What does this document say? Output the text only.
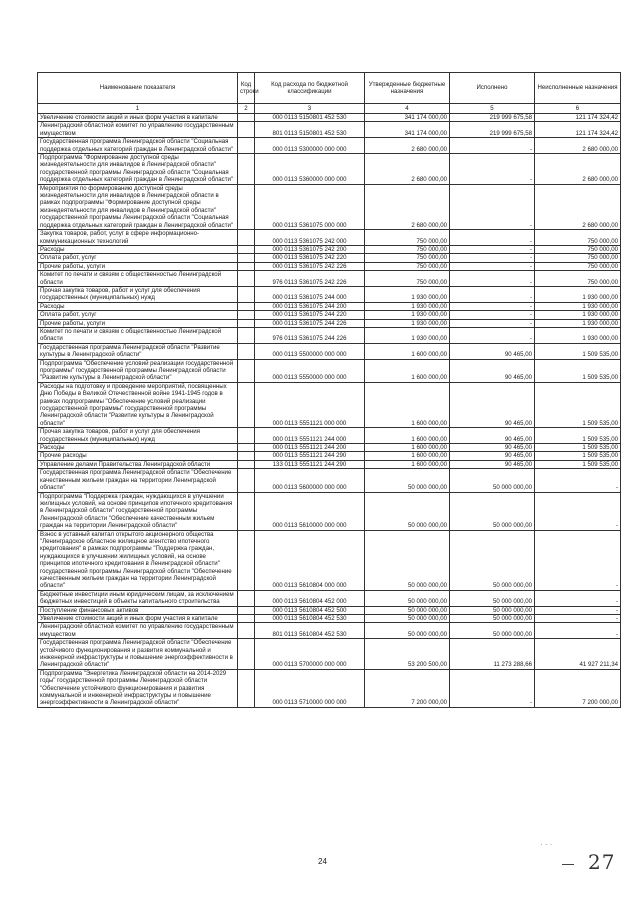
Наименование показателя	Код строки	Код расхода по бюджетной классификации	Утвержденные бюджетные назначения	Исполнено	Неисполненные назначения
1	2	3	4	5	6
Увеличение стоимости акций и иных форм участия в капитале		000 0113 5150801 452 530	341 174 000,00	219 999 675,58	121 174 324,42
Ленинградский областной комитет по управлению государственным имуществом		801 0113 5150801 452 530	341 174 000,00	219 999 675,58	121 174 324,42
Государственная программа Ленинградской области "Социальная поддержка отдельных категорий граждан в Ленинградской области"		000 0113 5300000 000 000	2 680 000,00	-	2 680 000,00
Подпрограмма "Формирование доступной среды жизнедеятельности для инвалидов в Ленинградской области" государственной программы Ленинградской области "Социальная поддержка отдельных категорий граждан в Ленинградской области"		000 0113 5360000 000 000	2 680 000,00	-	2 680 000,00
Мероприятия по формированию доступной среды жизнедеятельности для инвалидов в Ленинградской области в рамках подпрограммы "Формирование доступной среды жизнедеятельности для инвалидов в Ленинградской области" государственной программы Ленинградской области "Социальная поддержка отдельных категорий граждан в Ленинградской области"		000 0113 5361075 000 000	2 680 000,00	-	2 680 000,00
Закупка товаров, работ, услуг в сфере информационно-коммуникационных технологий		000 0113 5361075 242 000	750 000,00	-	750 000,00
Расходы		000 0113 5361075 242 200	750 000,00	-	750 000,00
Оплата работ, услуг		000 0113 5361075 242 220	750 000,00	-	750 000,00
Прочие работы, услуги		000 0113 5361075 242 226	750 000,00	-	750 000,00
Комитет по печати и связям с общественностью Ленинградской области		976 0113 5361075 242 226	750 000,00	-	750 000,00
Прочая закупка товаров, работ и услуг для обеспечения государственных (муниципальных) нужд		000 0113 5361075 244 000	1 930 000,00	-	1 930 000,00
Расходы		000 0113 5361075 244 200	1 930 000,00	-	1 930 000,00
Оплата работ, услуг		000 0113 5361075 244 220	1 930 000,00	-	1 930 000,00
Прочие работы, услуги		000 0113 5361075 244 226	1 930 000,00	-	1 930 000,00
Комитет по печати и связям с общественностью Ленинградской области		976 0113 5361075 244 226	1 930 000,00	-	1 930 000,00
Государственная программа Ленинградской области "Развитие культуры в Ленинградской области"		000 0113 5500000 000 000	1 600 000,00	90 465,00	1 509 535,00
Подпрограмма "Обеспечение условий реализации государственной программы" государственной программы Ленинградской области "Развитие культуры в Ленинградской области"		000 0113 5550000 000 000	1 600 000,00	90 465,00	1 509 535,00
Расходы на подготовку и проведение мероприятий, посвященных Дню Победы в Великой Отечественной войне 1941-1945 годов в рамках подпрограммы "Обеспечение условий реализации государственной программы" государственной программы Ленинградской области "Развитие культуры в Ленинградской области"		000 0113 5551121 000 000	1 600 000,00	90 465,00	1 509 535,00
Прочая закупка товаров, работ и услуг для обеспечения государственных (муниципальных) нужд		000 0113 5551121 244 000	1 600 000,00	90 465,00	1 509 535,00
Расходы		000 0113 5551121 244 200	1 600 000,00	90 465,00	1 509 535,00
Прочие расходы		000 0113 5551121 244 290	1 600 000,00	90 465,00	1 509 535,00
Управление делами Правительства Ленинградской области		133 0113 5551121 244 290	1 600 000,00	90 465,00	1 509 535,00
Государственная программа Ленинградской области "Обеспечение качественным жильем граждан на территории Ленинградской области"		000 0113 5600000 000 000	50 000 000,00	50 000 000,00	-
Подпрограмма "Поддержка граждан, нуждающихся в улучшении жилищных условий, на основе принципов ипотечного кредитования в Ленинградской области" государственной программы Ленинградской области "Обеспечение качественным жильем граждан на территории Ленинградской области"		000 0113 5610000 000 000	50 000 000,00	50 000 000,00	-
Взнос в уставный капитал открытого акционерного общества "Ленинградское областное жилищное агентство ипотечного кредитования" в рамках подпрограммы "Поддержка граждан, нуждающихся в улучшении жилищных условий, на основе принципов ипотечного кредитования в Ленинградской области" государственной программы Ленинградской области "Обеспечение качественным жильем граждан на территории Ленинградской области"		000 0113 5610804 000 000	50 000 000,00	50 000 000,00	-
Бюджетные инвестиции иным юридическим лицам, за исключением бюджетных инвестиций в объекты капитального строительства		000 0113 5610804 452 000	50 000 000,00	50 000 000,00	-
Поступление финансовых активов		000 0113 5610804 452 500	50 000 000,00	50 000 000,00	-
Увеличение стоимости акций и иных форм участия в капитале		000 0113 5610804 452 530	50 000 000,00	50 000 000,00	-
Ленинградский областной комитет по управлению государственным имуществом		801 0113 5610804 452 530	50 000 000,00	50 000 000,00	-
Государственная программа Ленинградской области "Обеспечение устойчивого функционирования и развития коммунальной и инженерной инфраструктуры и повышение энергоэффективности в Ленинградской области"		000 0113 5700000 000 000	53 200 500,00	11 273 288,66	41 927 211,34
Подпрограмма "Энергетика Ленинградской области на 2014-2029 годы" государственной программы Ленинградской области "Обеспечение устойчивого функционирования и развития коммунальной и инженерной инфраструктуры и повышение энергоэффективности в Ленинградской области"		000 0113 5710000 000 000	7 200 000,00	-	7 200 000,00
· · ·
24	27
